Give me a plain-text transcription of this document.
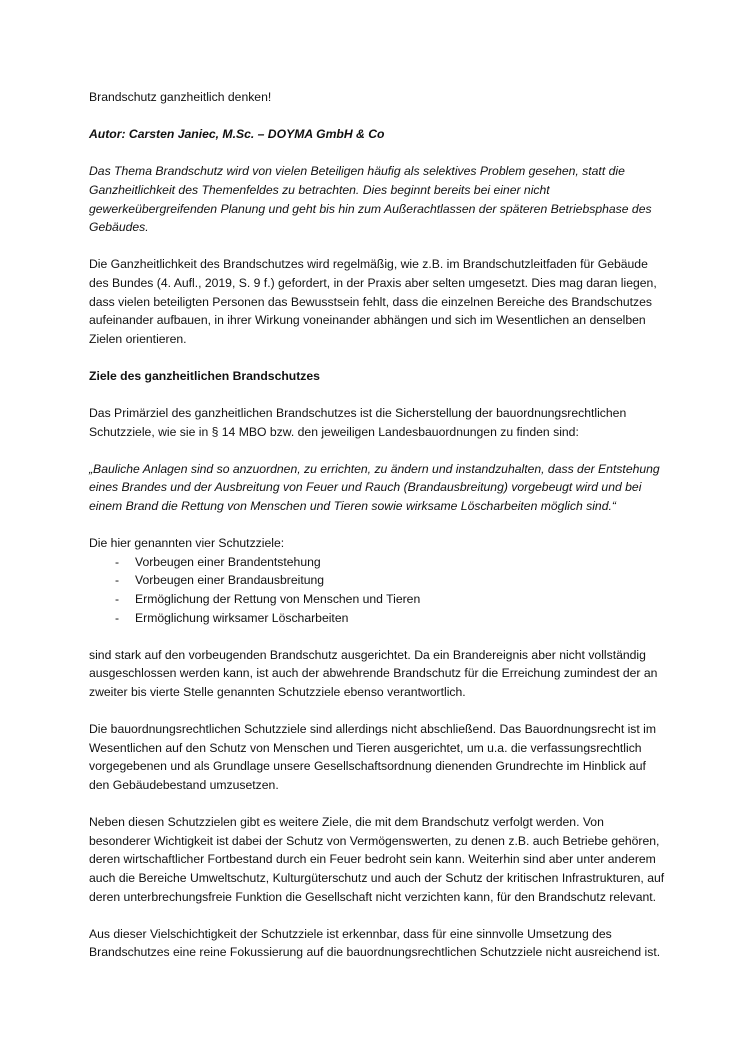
Brandschutz ganzheitlich denken!

Autor: Carsten Janiec, M.Sc. – DOYMA GmbH & Co

Das Thema Brandschutz wird von vielen Beteiligen häufig als selektives Problem gesehen, statt die Ganzheitlichkeit des Themenfeldes zu betrachten. Dies beginnt bereits bei einer nicht gewerkeübergreifenden Planung und geht bis hin zum Außerachtlassen der späteren Betriebsphase des Gebäudes.

Die Ganzheitlichkeit des Brandschutzes wird regelmäßig, wie z.B. im Brandschutzleitfaden für Gebäude des Bundes (4. Aufl., 2019, S. 9 f.) gefordert, in der Praxis aber selten umgesetzt. Dies mag daran liegen, dass vielen beteiligten Personen das Bewusstsein fehlt, dass die einzelnen Bereiche des Brandschutzes aufeinander aufbauen, in ihrer Wirkung voneinander abhängen und sich im Wesentlichen an denselben Zielen orientieren.

Ziele des ganzheitlichen Brandschutzes

Das Primärziel des ganzheitlichen Brandschutzes ist die Sicherstellung der bauordnungsrechtlichen Schutzziele, wie sie in § 14 MBO bzw. den jeweiligen Landesbauordnungen zu finden sind:

„Bauliche Anlagen sind so anzuordnen, zu errichten, zu ändern und instandzuhalten, dass der Entstehung eines Brandes und der Ausbreitung von Feuer und Rauch (Brandausbreitung) vorgebeugt wird und bei einem Brand die Rettung von Menschen und Tieren sowie wirksame Löscharbeiten möglich sind.“

Die hier genannten vier Schutzziele:

- Vorbeugen einer Brandentstehung
- Vorbeugen einer Brandausbreitung
- Ermöglichung der Rettung von Menschen und Tieren
- Ermöglichung wirksamer Löscharbeiten

sind stark auf den vorbeugenden Brandschutz ausgerichtet. Da ein Brandereignis aber nicht vollständig ausgeschlossen werden kann, ist auch der abwehrende Brandschutz für die Erreichung zumindest der an zweiter bis vierte Stelle genannten Schutzziele ebenso verantwortlich.

Die bauordnungsrechtlichen Schutzziele sind allerdings nicht abschließend. Das Bauordnungsrecht ist im Wesentlichen auf den Schutz von Menschen und Tieren ausgerichtet, um u.a. die verfassungsrechtlich vorgegebenen und als Grundlage unsere Gesellschaftsordnung dienenden Grundrechte im Hinblick auf den Gebäudebestand umzusetzen.

Neben diesen Schutzzielen gibt es weitere Ziele, die mit dem Brandschutz verfolgt werden. Von besonderer Wichtigkeit ist dabei der Schutz von Vermögenswerten, zu denen z.B. auch Betriebe gehören, deren wirtschaftlicher Fortbestand durch ein Feuer bedroht sein kann. Weiterhin sind aber unter anderem auch die Bereiche Umweltschutz, Kulturgüterschutz und auch der Schutz der kritischen Infrastrukturen, auf deren unterbrechungsfreie Funktion die Gesellschaft nicht verzichten kann, für den Brandschutz relevant.

Aus dieser Vielschichtigkeit der Schutzziele ist erkennbar, dass für eine sinnvolle Umsetzung des Brandschutzes eine reine Fokussierung auf die bauordnungsrechtlichen Schutzziele nicht ausreichend ist.
